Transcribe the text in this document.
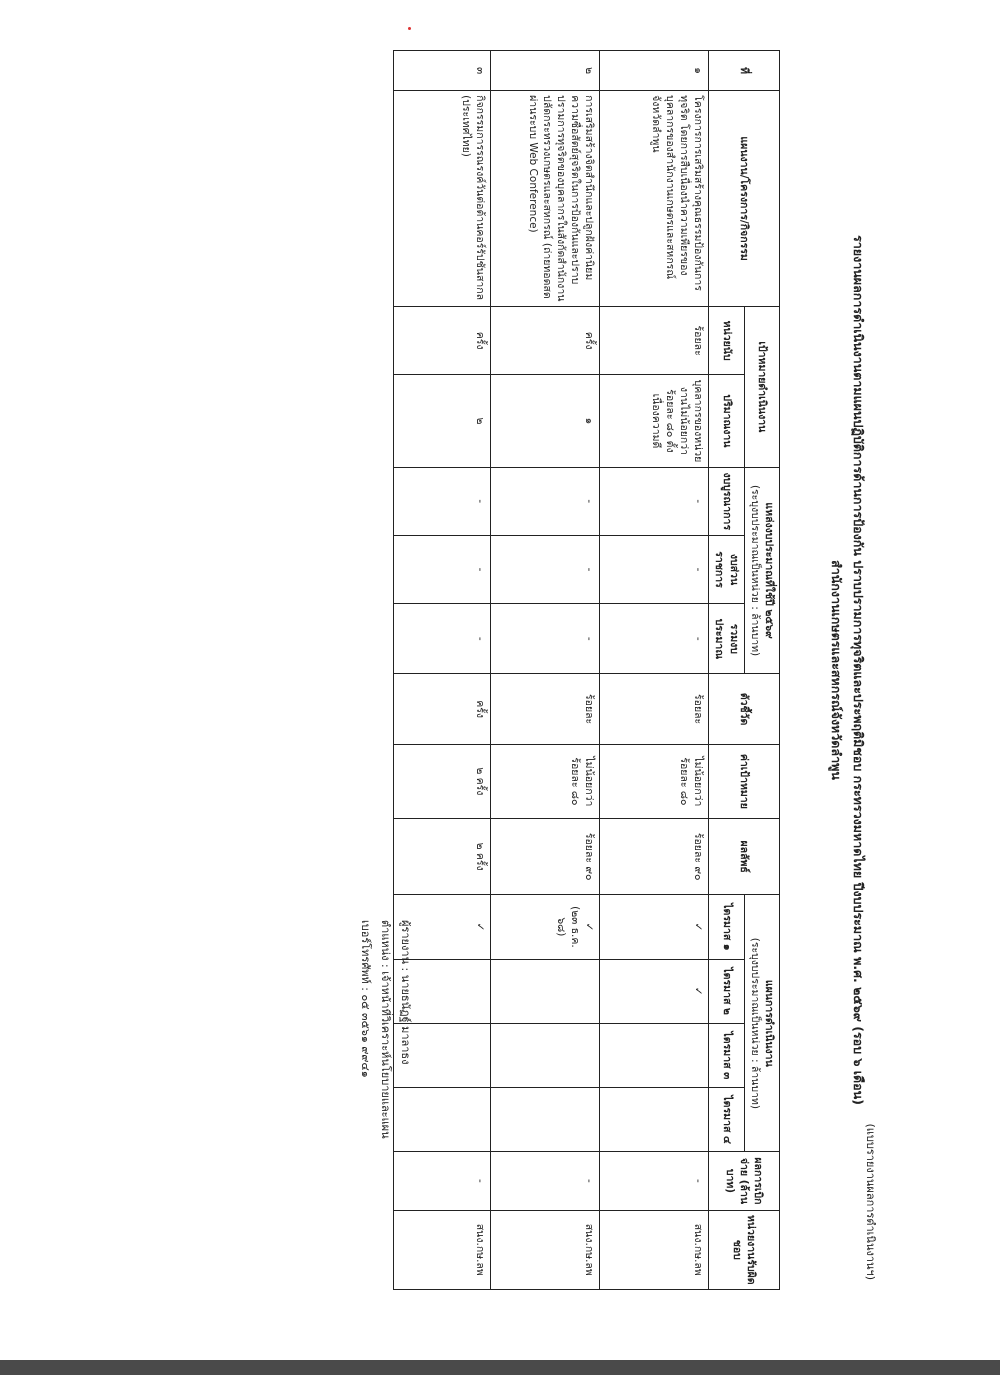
(แบบรายงานผลการดำเนินงานฯ)
รายงานผลการดำเนินงานตามแผนปฏิบัติการด้านการป้องกัน ปราบปรามการทุจริตและประพฤติมิชอบ กระทรวงมหาดไทย ปีงบประมาณ พ.ศ. ๒๕๖๙ (รอบ ๖ เดือน)
สำนักงานเกษตรและสหกรณ์จังหวัดลำพูน
ที่	แผนงาน/โครงการ/กิจกรรม	เป้าหมายดำเนินงาน		แหล่งงบประมาณที่ใช้ปี ๒๕๖๙
(ระบุงบประมาณเป็นหน่วย : ล้านบาท)			ตัวชี้วัด	ค่าเป้าหมาย	ผลลัพธ์	แผนการดำเนินงาน
(ระบุงบประมาณเป็นหน่วย : ล้านบาท)				ผลการเบิกจ่าย (ล้านบาท)	หน่วยงานรับผิดชอบ
		หน่วยนับ	ปริมาณงาน	งบบูรณาการ	งบส่วนราชการ	รวมงบประมาณ				ไตรมาส ๑	ไตรมาส ๒	ไตรมาส ๓	ไตรมาส ๔		

๑	โครงการการเสริมสร้างคุณธรรมป้องกันการทุจริต โดยการสืบเนื่องนำความเพียรของบุคลากรของสำนักงานเกษตรและสหกรณ์จังหวัดลำพูน	ร้อยละ	บุคลากรของหน่วยงานไม่น้อยกว่าร้อยละ ๘๐ ตั้งเนื่องความดี	-	-	-	ร้อยละ	ไม่น้อยกว่า ร้อยละ ๘๐	ร้อยละ ๙๐	✓	✓			-	สนง.กษ.ลพ
๒	การเสริมสร้างจิตสำนึกและปลูกฝังค่านิยมความซื่อสัตย์สุจริตในการป้องกันและปราบปรามการทุจริตของบุคลากรในสังกัดสำนักงานปลัดกระทรวงเกษตรและสหกรณ์ (ถ่ายทอดสดผ่านระบบ Web Conference)	ครั้ง	๑	-	-	-	ร้อยละ	ไม่น้อยกว่า ร้อยละ ๘๐	ร้อยละ ๙๐	✓
(๒๓ ธ.ค. ๖๘)				-	สนง.กษ.ลพ
๓	กิจกรรมการรณรงค์วันต่อต้านคอร์รัปชันสากล (ประเทศไทย)	ครั้ง	๒	-	-	-	ครั้ง	๒ ครั้ง	๒ ครั้ง	✓				-	สนง.กษ.ลพ
ผู้รายงาน : นายธนัฏฐ์ มาลาธง
ตำแหน่ง : เจ้าหน้าที่วิเคราะห์นโยบายและแผน
เบอร์โทรศัพท์ : ๐๕ ๓๕๖๑ ๙๙๔๑
